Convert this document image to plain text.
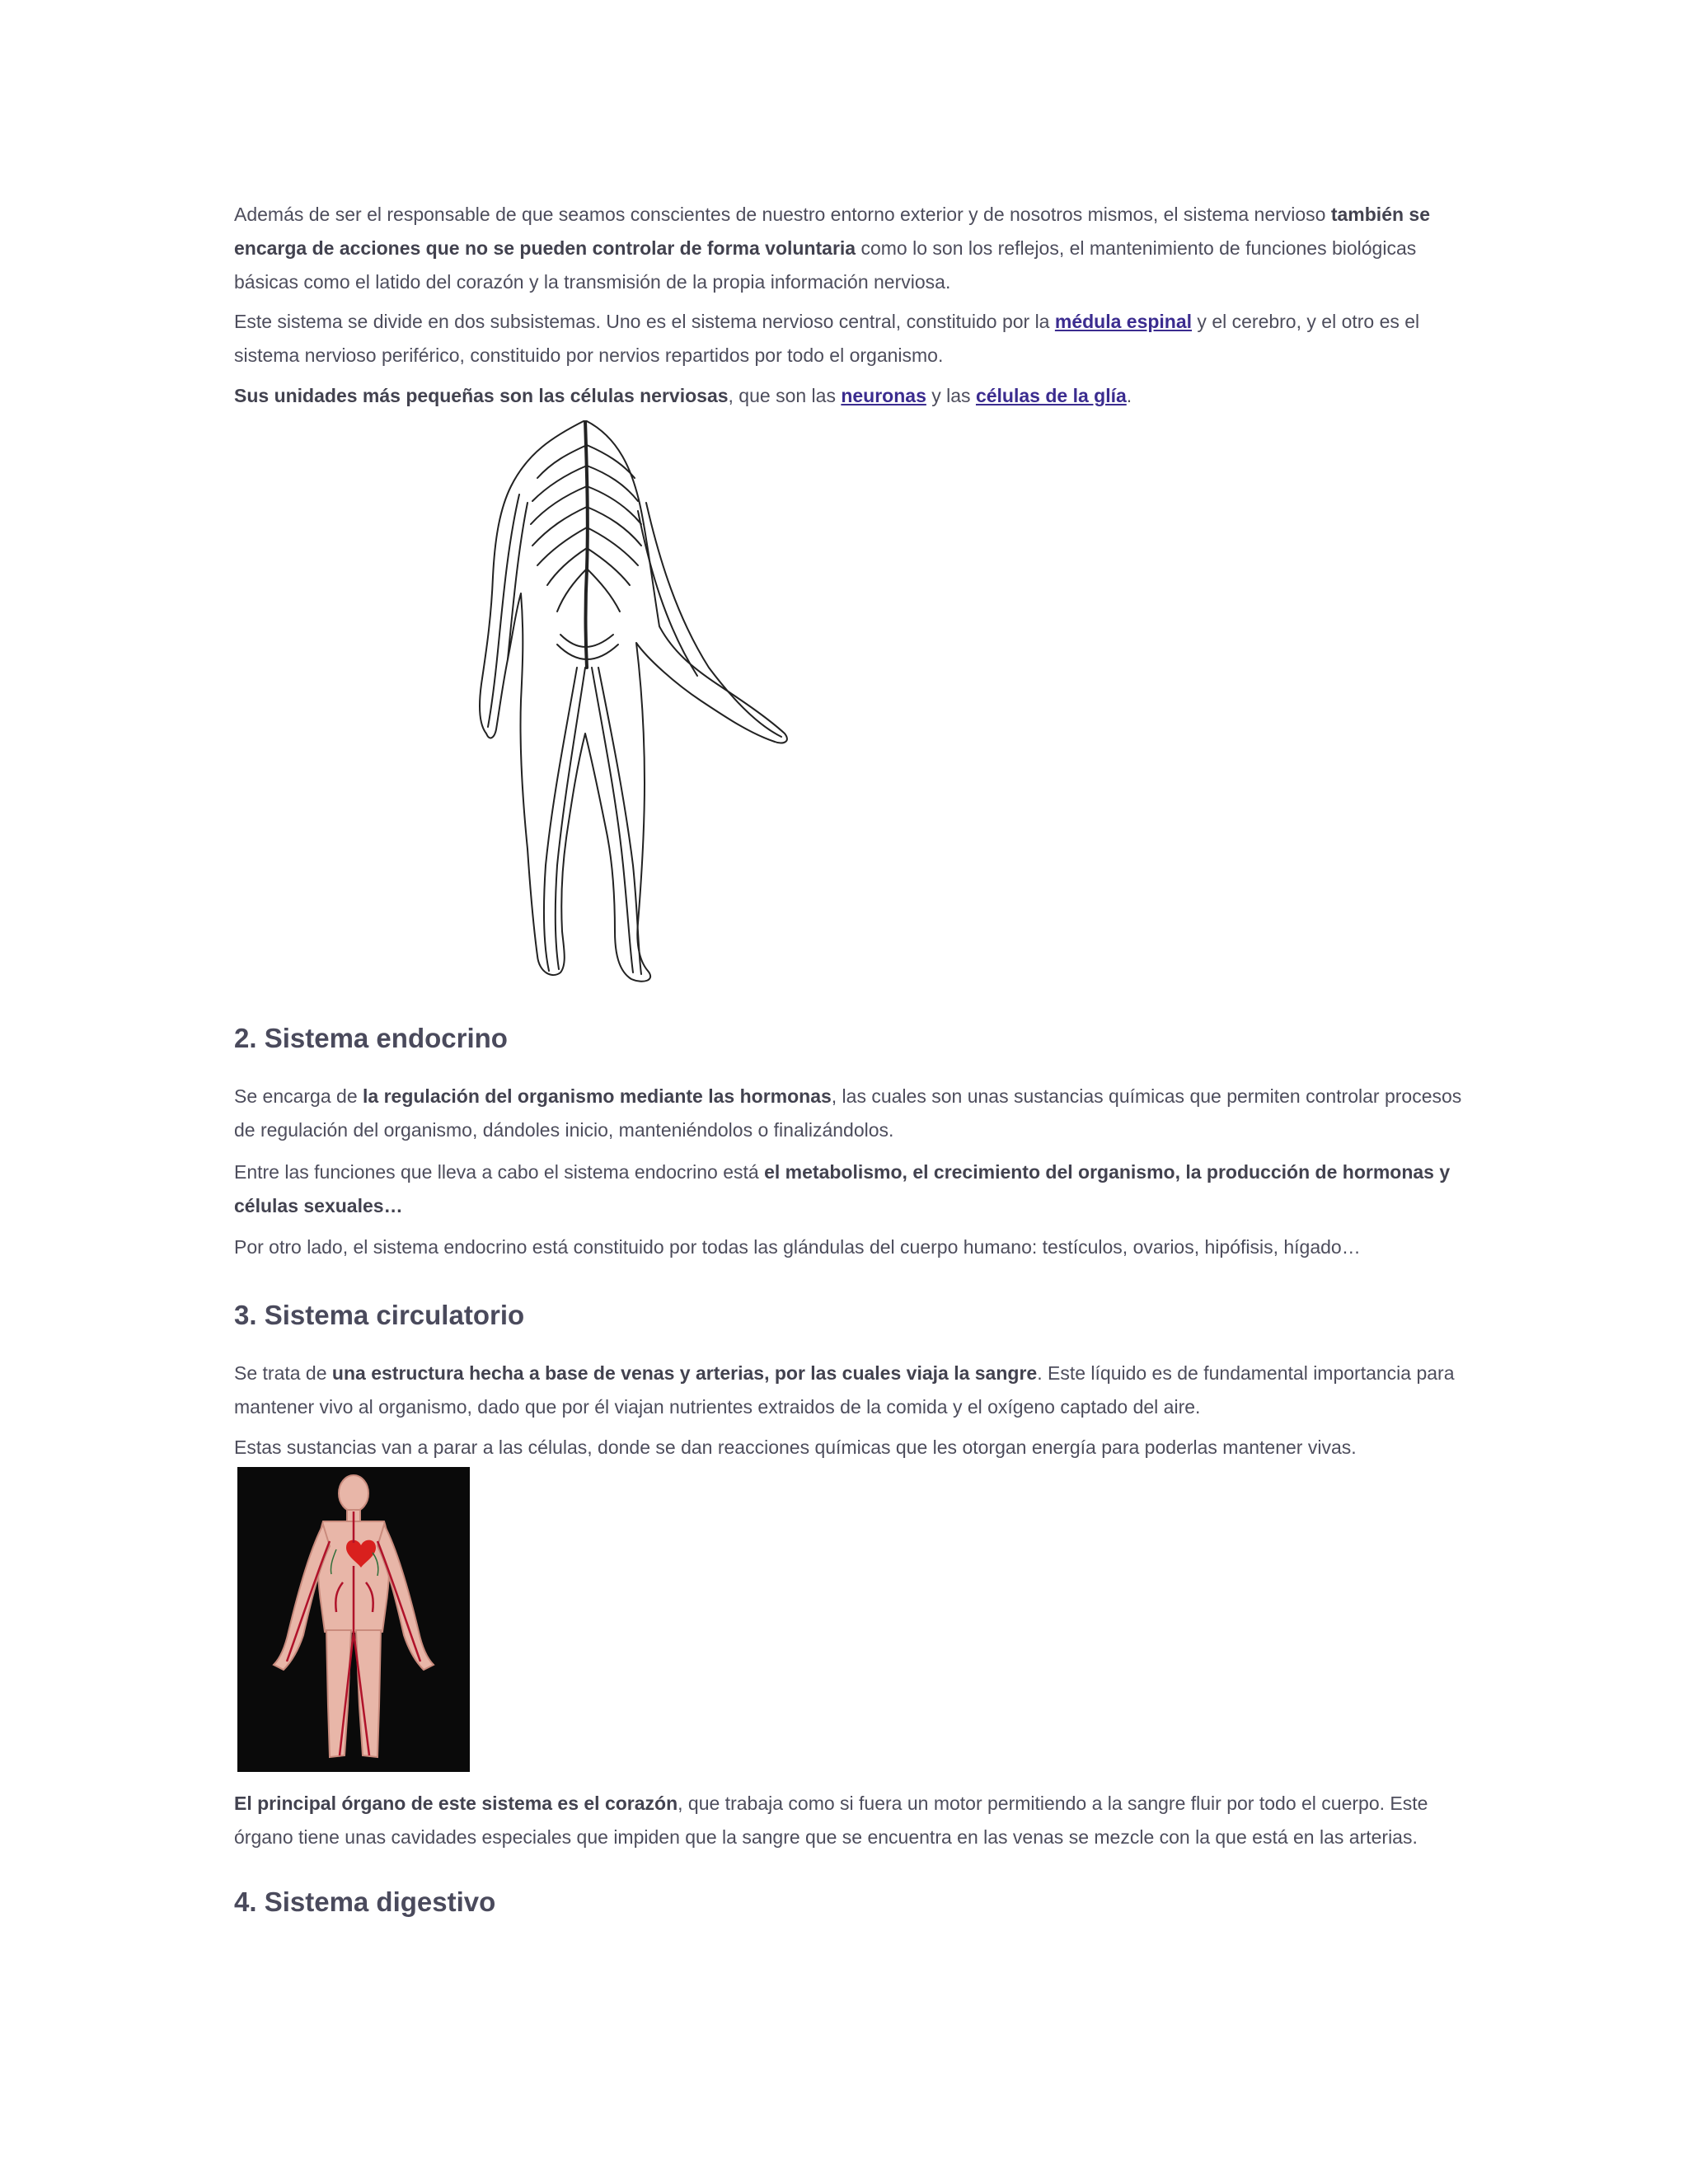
Además de ser el responsable de que seamos conscientes de nuestro entorno exterior y de nosotros mismos, el sistema nervioso también se encarga de acciones que no se pueden controlar de forma voluntaria como lo son los reflejos, el mantenimiento de funciones biológicas básicas como el latido del corazón y la transmisión de la propia información nerviosa.

Este sistema se divide en dos subsistemas. Uno es el sistema nervioso central, constituido por la médula espinal y el cerebro, y el otro es el sistema nervioso periférico, constituido por nervios repartidos por todo el organismo.

Sus unidades más pequeñas son las células nerviosas, que son las neuronas y las células de la glía.

2. Sistema endocrino

Se encarga de la regulación del organismo mediante las hormonas, las cuales son unas sustancias químicas que permiten controlar procesos de regulación del organismo, dándoles inicio, manteniéndolos o finalizándolos.

Entre las funciones que lleva a cabo el sistema endocrino está el metabolismo, el crecimiento del organismo, la producción de hormonas y células sexuales…

Por otro lado, el sistema endocrino está constituido por todas las glándulas del cuerpo humano: testículos, ovarios, hipófisis, hígado…

3. Sistema circulatorio

Se trata de una estructura hecha a base de venas y arterias, por las cuales viaja la sangre. Este líquido es de fundamental importancia para mantener vivo al organismo, dado que por él viajan nutrientes extraidos de la comida y el oxígeno captado del aire.

Estas sustancias van a parar a las células, donde se dan reacciones químicas que les otorgan energía para poderlas mantener vivas.

El principal órgano de este sistema es el corazón, que trabaja como si fuera un motor permitiendo a la sangre fluir por todo el cuerpo. Este órgano tiene unas cavidades especiales que impiden que la sangre que se encuentra en las venas se mezcle con la que está en las arterias.

4. Sistema digestivo
